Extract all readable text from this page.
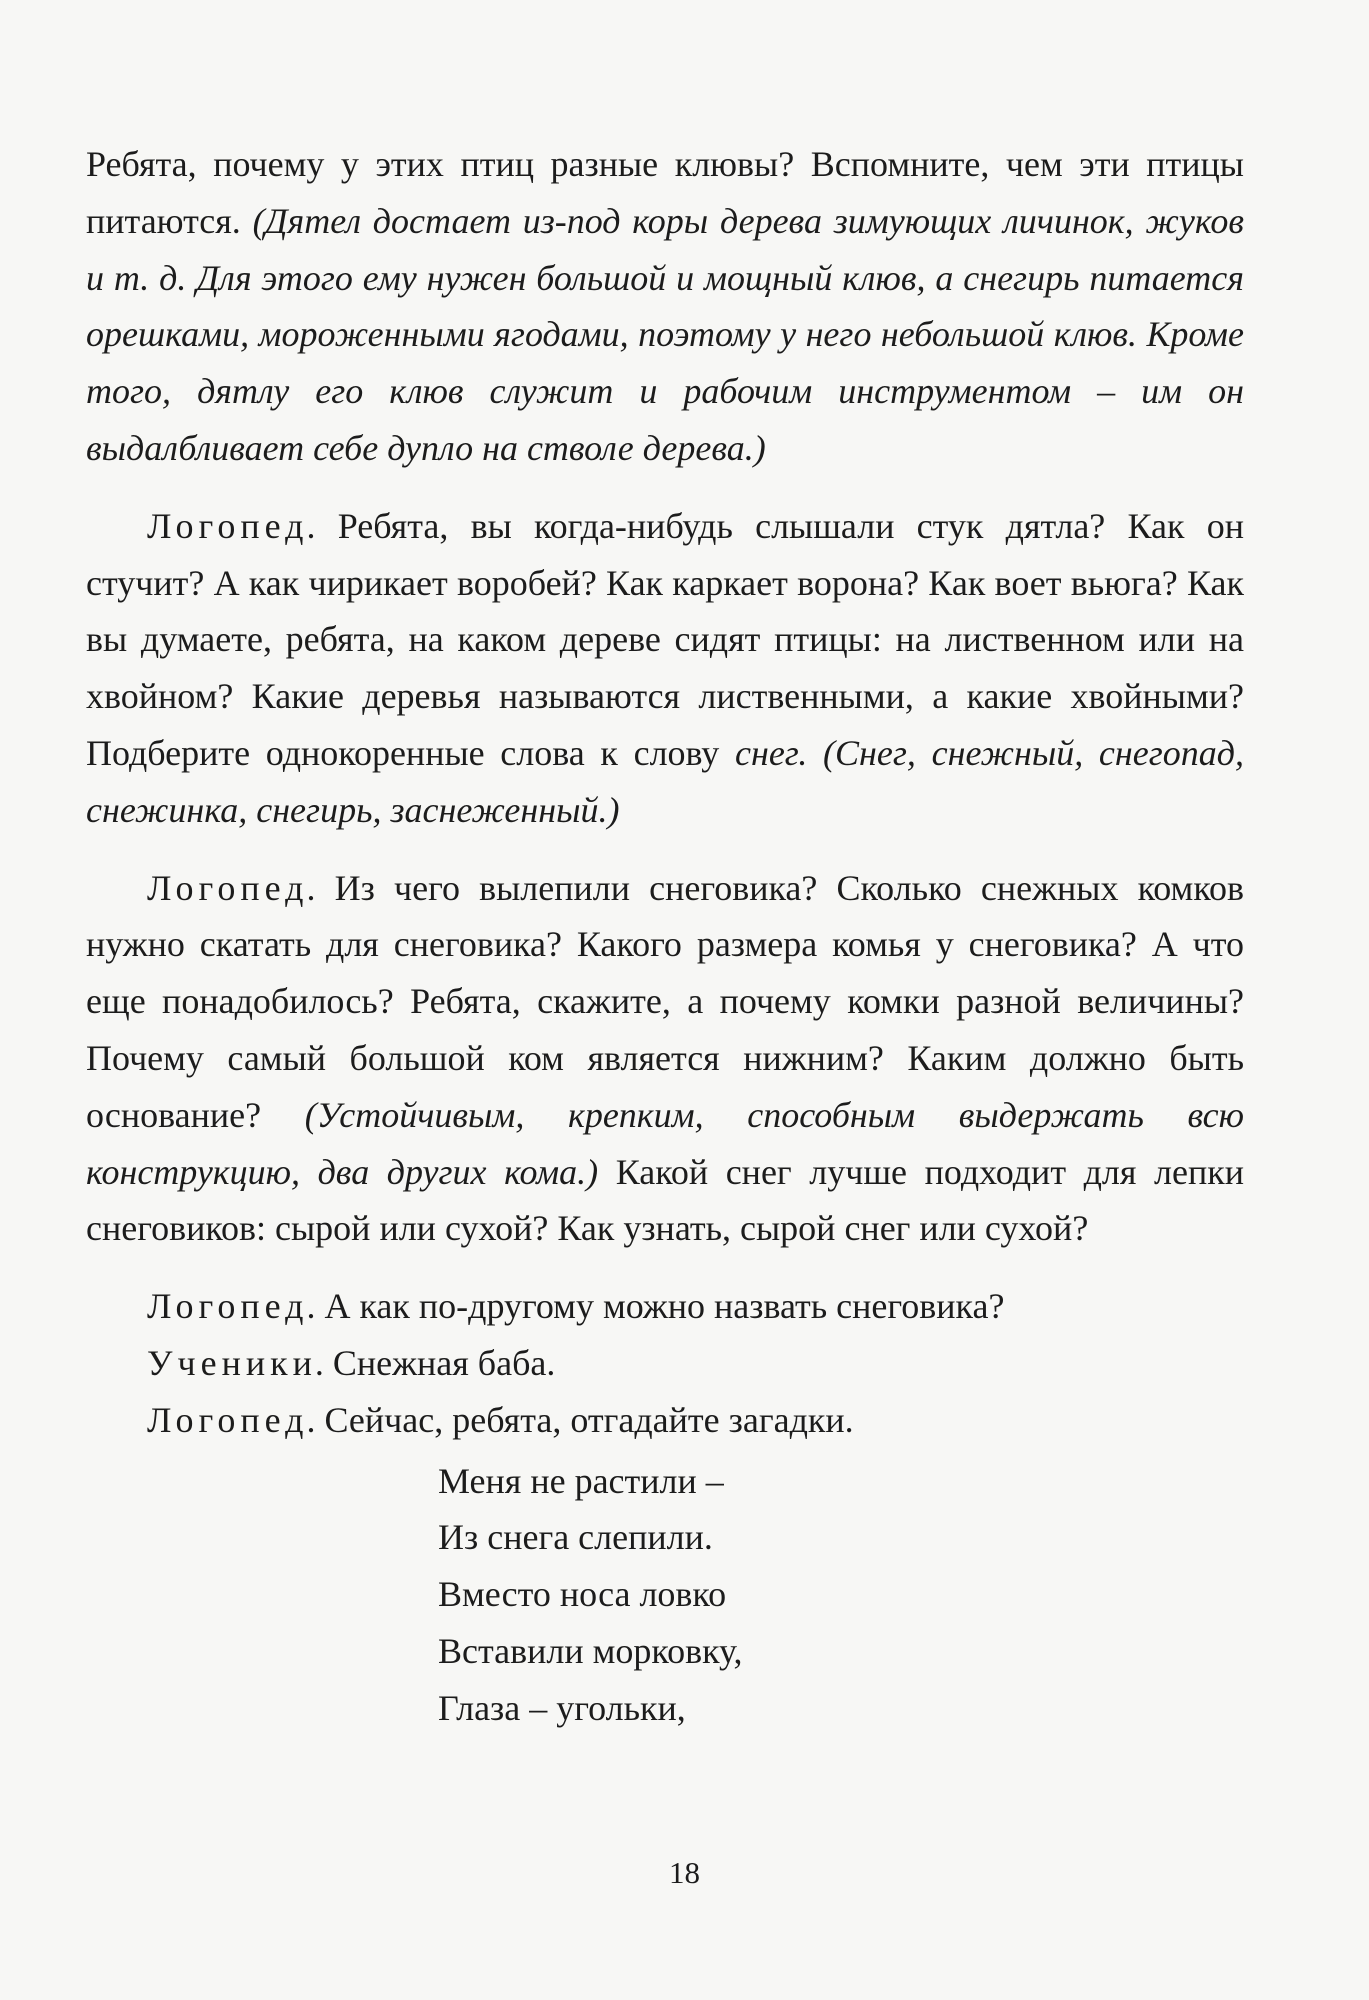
Ребята, почему у этих птиц разные клювы? Вспомните, чем эти птицы питаются. (Дятел достает из-под коры дерева зимующих личинок, жуков и т. д. Для этого ему нужен большой и мощный клюв, а снегирь питается орешками, мороженными ягодами, поэтому у него небольшой клюв. Кроме того, дятлу его клюв служит и рабочим инструментом – им он выдалбливает себе дупло на стволе дерева.)

Логопед. Ребята, вы когда-нибудь слышали стук дятла? Как он стучит? А как чирикает воробей? Как каркает ворона? Как воет вьюга? Как вы думаете, ребята, на каком дереве сидят птицы: на лиственном или на хвойном? Какие деревья называются лиственными, а какие хвойными? Подберите однокоренные слова к слову снег. (Снег, снежный, снегопад, снежинка, снегирь, заснеженный.)

Логопед. Из чего вылепили снеговика? Сколько снежных комков нужно скатать для снеговика? Какого размера комья у снеговика? А что еще понадобилось? Ребята, скажите, а почему комки разной величины? Почему самый большой ком является нижним? Каким должно быть основание? (Устойчивым, крепким, способным выдержать всю конструкцию, два других кома.) Какой снег лучше подходит для лепки снеговиков: сырой или сухой? Как узнать, сырой снег или сухой?

Логопед. А как по-другому можно назвать снеговика?

Ученики. Снежная баба.

Логопед. Сейчас, ребята, отгадайте загадки.

Меня не растили –
Из снега слепили.
Вместо носа ловко
Вставили морковку,
Глаза – угольки,
18
